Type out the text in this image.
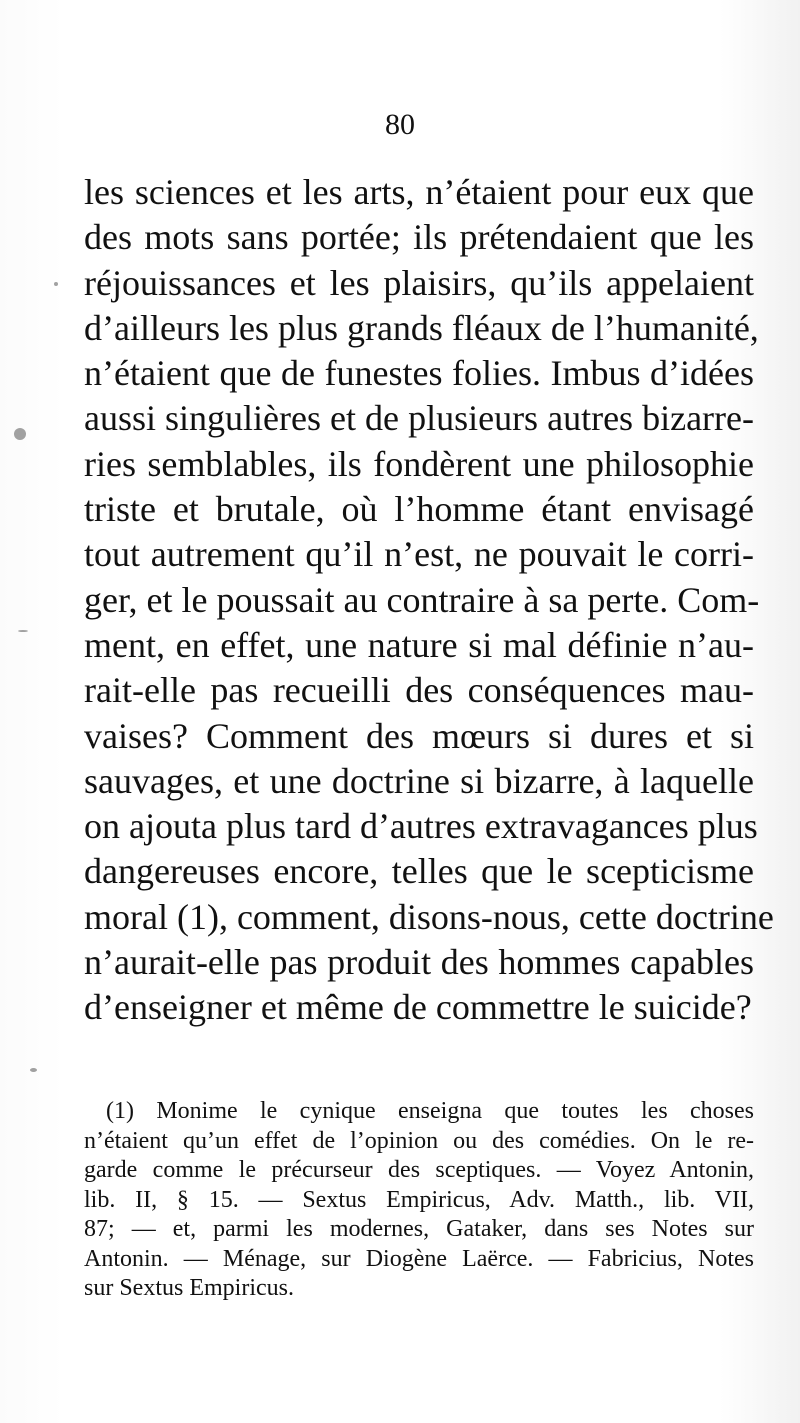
80
les sciences et les arts, n’étaient pour eux que
des mots sans portée; ils prétendaient que les
réjouissances et les plaisirs, qu’ils appelaient
d’ailleurs les plus grands fléaux de l’humanité,
n’étaient que de funestes folies. Imbus d’idées
aussi singulières et de plusieurs autres bizarre-
ries semblables, ils fondèrent une philosophie
triste et brutale, où l’homme étant envisagé
tout autrement qu’il n’est, ne pouvait le corri-
ger, et le poussait au contraire à sa perte. Com-
ment, en effet, une nature si mal définie n’au-
rait-elle pas recueilli des conséquences mau-
vaises? Comment des mœurs si dures et si
sauvages, et une doctrine si bizarre, à laquelle
on ajouta plus tard d’autres extravagances plus
dangereuses encore, telles que le scepticisme
moral (1), comment, disons-nous, cette doctrine
n’aurait-elle pas produit des hommes capables
d’enseigner et même de commettre le suicide?
(1) Monime le cynique enseigna que toutes les choses
n’étaient qu’un effet de l’opinion ou des comédies. On le re-
garde comme le précurseur des sceptiques. — Voyez Antonin,
lib. II, § 15. — Sextus Empiricus, Adv. Matth., lib. VII,
87; — et, parmi les modernes, Gataker, dans ses Notes sur
Antonin. — Ménage, sur Diogène Laërce. — Fabricius, Notes
sur Sextus Empiricus.
